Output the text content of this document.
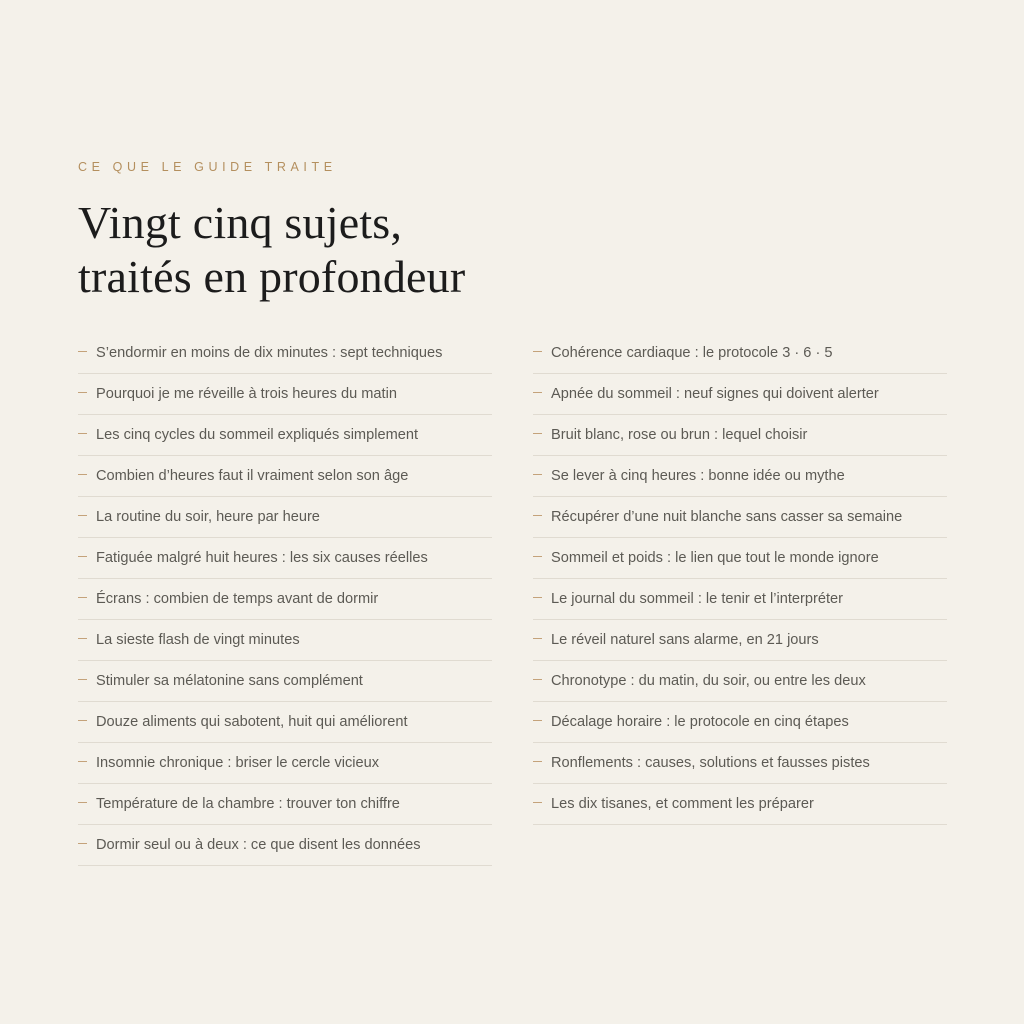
CE QUE LE GUIDE TRAITE
Vingt cinq sujets,
traités en profondeur
S’endormir en moins de dix minutes : sept techniques
Pourquoi je me réveille à trois heures du matin
Les cinq cycles du sommeil expliqués simplement
Combien d’heures faut il vraiment selon son âge
La routine du soir, heure par heure
Fatiguée malgré huit heures : les six causes réelles
Écrans : combien de temps avant de dormir
La sieste flash de vingt minutes
Stimuler sa mélatonine sans complément
Douze aliments qui sabotent, huit qui améliorent
Insomnie chronique : briser le cercle vicieux
Température de la chambre : trouver ton chiffre
Dormir seul ou à deux : ce que disent les données
Cohérence cardiaque : le protocole 3 · 6 · 5
Apnée du sommeil : neuf signes qui doivent alerter
Bruit blanc, rose ou brun : lequel choisir
Se lever à cinq heures : bonne idée ou mythe
Récupérer d’une nuit blanche sans casser sa semaine
Sommeil et poids : le lien que tout le monde ignore
Le journal du sommeil : le tenir et l’interpréter
Le réveil naturel sans alarme, en 21 jours
Chronotype : du matin, du soir, ou entre les deux
Décalage horaire : le protocole en cinq étapes
Ronflements : causes, solutions et fausses pistes
Les dix tisanes, et comment les préparer
